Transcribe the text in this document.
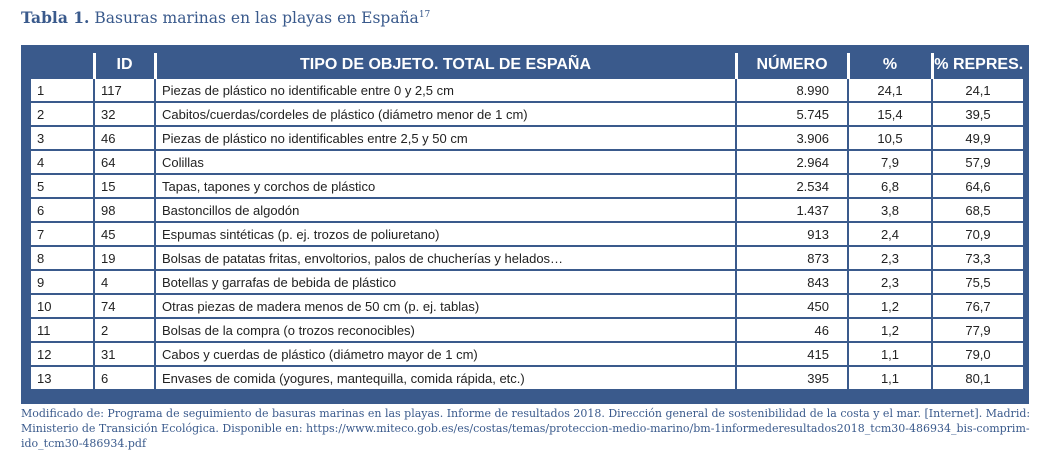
Tabla 1. Basuras marinas en las playas en España$^{17}$
	ID	TIPO DE OBJETO. TOTAL DE ESPAÑA	NÚMERO	%	% REPRES.
1	117	Piezas de plástico no identificable entre 0 y 2,5 cm	8.990	24,1	24,1
2	32	Cabitos/cuerdas/cordeles de plástico (diámetro menor de 1 cm)	5.745	15,4	39,5
3	46	Piezas de plástico no identificables entre 2,5 y 50 cm	3.906	10,5	49,9
4	64	Colillas	2.964	7,9	57,9
5	15	Tapas, tapones y corchos de plástico	2.534	6,8	64,6
6	98	Bastoncillos de algodón	1.437	3,8	68,5
7	45	Espumas sintéticas (p. ej. trozos de poliuretano)	913	2,4	70,9
8	19	Bolsas de patatas fritas, envoltorios, palos de chucherías y helados…	873	2,3	73,3
9	4	Botellas y garrafas de bebida de plástico	843	2,3	75,5
10	74	Otras piezas de madera menos de 50 cm (p. ej. tablas)	450	1,2	76,7
11	2	Bolsas de la compra (o trozos reconocibles)	46	1,2	77,9
12	31	Cabos y cuerdas de plástico (diámetro mayor de 1 cm)	415	1,1	79,0
13	6	Envases de comida (yogures, mantequilla, comida rápida, etc.)	395	1,1	80,1
Modificado de: Programa de seguimiento de basuras marinas en las playas. Informe de resultados 2018. Dirección general de sostenibilidad de la costa y el mar. [Internet]. Madrid: Ministerio de Transición Ecológica. Disponible en: https://www.miteco.gob.es/es/costas/temas/proteccion-medio-marino/bm-1informederesultados2018_tcm30-486934_bis-comprim-ido_tcm30-486934.pdf
